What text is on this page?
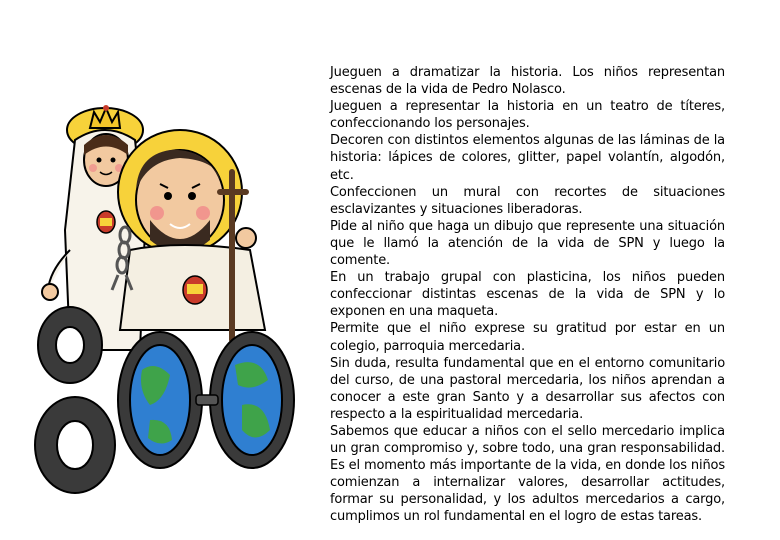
Jueguen a dramatizar la historia. Los niños representan escenas de la vida de Pedro Nolasco.

Jueguen a representar la historia en un teatro de títeres, confeccionando los personajes.

Decoren con distintos elementos algunas de las láminas de la historia: lápices de colores, glitter, papel volantín, algodón, etc.

Confeccionen un mural con recortes de situaciones esclavizantes y situaciones liberadoras.

Pide al niño que haga un dibujo que represente una situación que le llamó la atención de la vida de SPN y luego la comente.

En un trabajo grupal con plasticina, los niños pueden confeccionar distintas escenas de la vida de SPN y lo exponen en una maqueta.

Permite que el niño exprese su gratitud por estar en un colegio, parroquia mercedaria.

Sin duda, resulta fundamental que en el entorno comunitario del curso, de una pastoral mercedaria, los niños aprendan a conocer a este gran Santo y a desarrollar sus afectos con respecto a la espiritualidad mercedaria.

Sabemos que educar a niños con el sello mercedario implica un gran compromiso y, sobre todo, una gran responsabilidad. Es el momento más importante de la vida, en donde los niños comienzan a internalizar valores, desarrollar actitudes, formar su personalidad, y los adultos mercedarios a cargo, cumplimos un rol fundamental en el logro de estas tareas.
